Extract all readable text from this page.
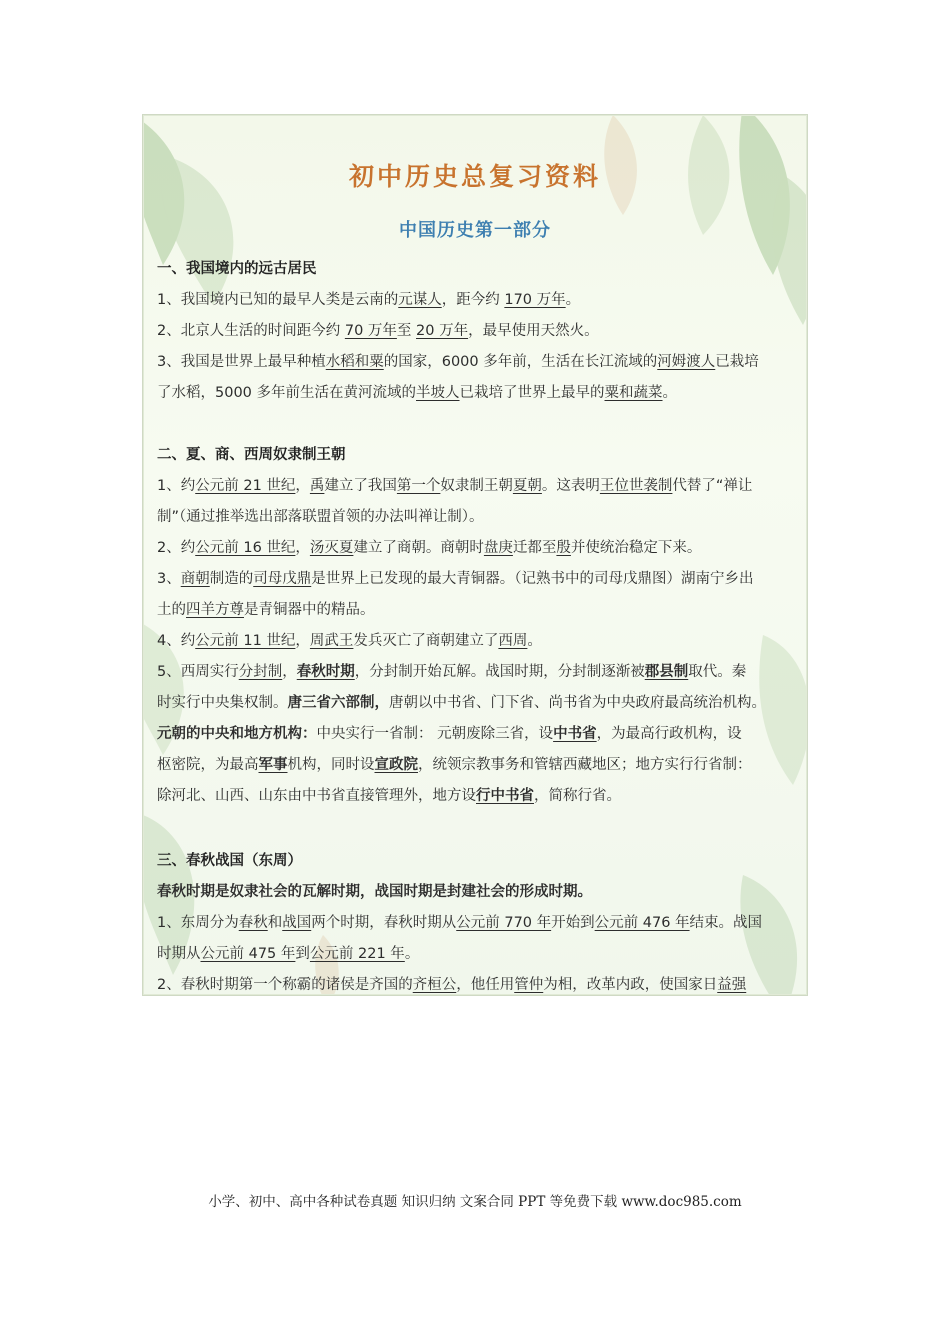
初中历史总复习资料
中国历史第一部分
一、我国境内的远古居民
1、我国境内已知的最早人类是云南的元谋人，距今约 170 万年。
2、北京人生活的时间距今约 70 万年至 20 万年，最早使用天然火。
3、我国是世界上最早种植水稻和粟的国家，6000 多年前，生活在长江流域的河姆渡人已栽培
了水稻，5000 多年前生活在黄河流域的半坡人已栽培了世界上最早的粟和蔬菜。
二、夏、商、西周奴隶制王朝
1、约公元前 21 世纪，禹建立了我国第一个奴隶制王朝夏朝。这表明王位世袭制代替了“禅让
制”（通过推举选出部落联盟首领的办法叫禅让制）。
2、约公元前 16 世纪，汤灭夏建立了商朝。商朝时盘庚迁都至殷并使统治稳定下来。
3、商朝制造的司母戊鼎是世界上已发现的最大青铜器。（记熟书中的司母戊鼎图）湖南宁乡出
土的四羊方尊是青铜器中的精品。
4、约公元前 11 世纪，周武王发兵灭亡了商朝建立了西周。
5、西周实行分封制，春秋时期，分封制开始瓦解。战国时期，分封制逐渐被郡县制取代。秦
时实行中央集权制。唐三省六部制，唐朝以中书省、门下省、尚书省为中央政府最高统治机构。
元朝的中央和地方机构：中央实行一省制： 元朝废除三省，设中书省，为最高行政机构，设
枢密院，为最高军事机构，同时设宣政院，统领宗教事务和管辖西藏地区；地方实行行省制：
除河北、山西、山东由中书省直接管理外，地方设行中书省，简称行省。
三、春秋战国（东周）
春秋时期是奴隶社会的瓦解时期，战国时期是封建社会的形成时期。
1、东周分为春秋和战国两个时期，春秋时期从公元前 770 年开始到公元前 476 年结束。战国
时期从公元前 475 年到公元前 221 年。
2、春秋时期第一个称霸的诸侯是齐国的齐桓公，他任用管仲为相，改革内政，使国家日益强
小学、初中、高中各种试卷真题 知识归纳 文案合同 PPT 等免费下载 www.doc985.com
